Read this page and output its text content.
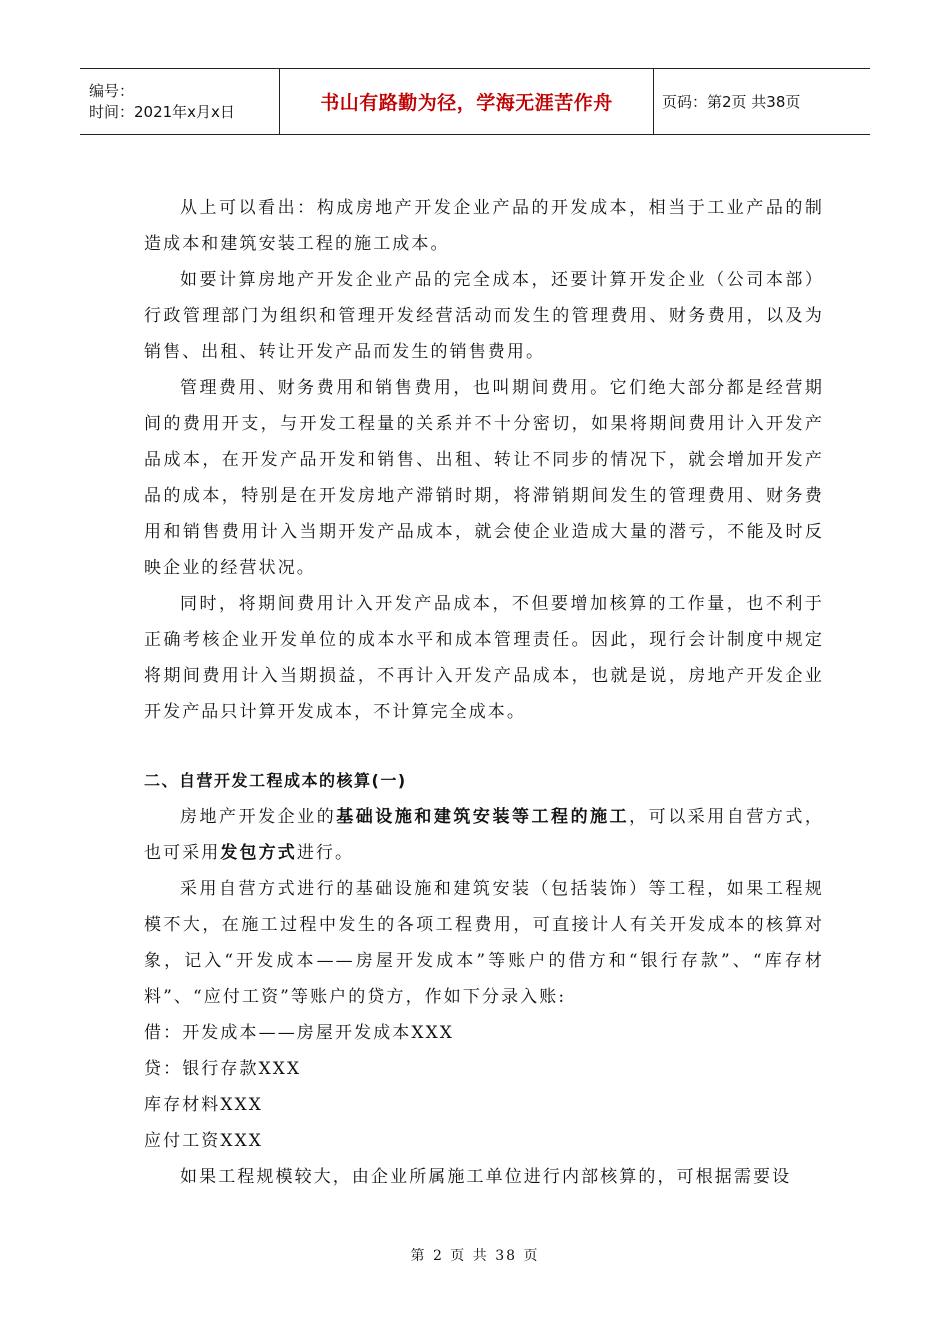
编号：
时间：2021年x月x日	书山有路勤为径，学海无涯苦作舟	页码：第2页 共38页

从上可以看出：构成房地产开发企业产品的开发成本，相当于工业产品的制造成本和建筑安装工程的施工成本。

如要计算房地产开发企业产品的完全成本，还要计算开发企业（公司本部）行政管理部门为组织和管理开发经营活动而发生的管理费用、财务费用，以及为销售、出租、转让开发产品而发生的销售费用。

管理费用、财务费用和销售费用，也叫期间费用。它们绝大部分都是经营期间的费用开支，与开发工程量的关系并不十分密切，如果将期间费用计入开发产品成本，在开发产品开发和销售、出租、转让不同步的情况下，就会增加开发产品的成本，特别是在开发房地产滞销时期，将滞销期间发生的管理费用、财务费用和销售费用计入当期开发产品成本，就会使企业造成大量的潜亏，不能及时反映企业的经营状况。

同时，将期间费用计入开发产品成本，不但要增加核算的工作量，也不利于正确考核企业开发单位的成本水平和成本管理责任。因此，现行会计制度中规定将期间费用计入当期损益，不再计入开发产品成本，也就是说，房地产开发企业开发产品只计算开发成本，不计算完全成本。

二、自营开发工程成本的核算(一)

房地产开发企业的基础设施和建筑安装等工程的施工，可以采用自营方式，也可采用发包方式进行。

采用自营方式进行的基础设施和建筑安装（包括装饰）等工程，如果工程规模不大，在施工过程中发生的各项工程费用，可直接计人有关开发成本的核算对象，记入“开发成本——房屋开发成本”等账户的借方和“银行存款”、“库存材料”、“应付工资”等账户的贷方，作如下分录入账:

借：开发成本——房屋开发成本XXX

贷：银行存款XXX

库存材料XXX

应付工资XXX

如果工程规模较大，由企业所属施工单位进行内部核算的，可根据需要设

第 2 页 共 38 页
